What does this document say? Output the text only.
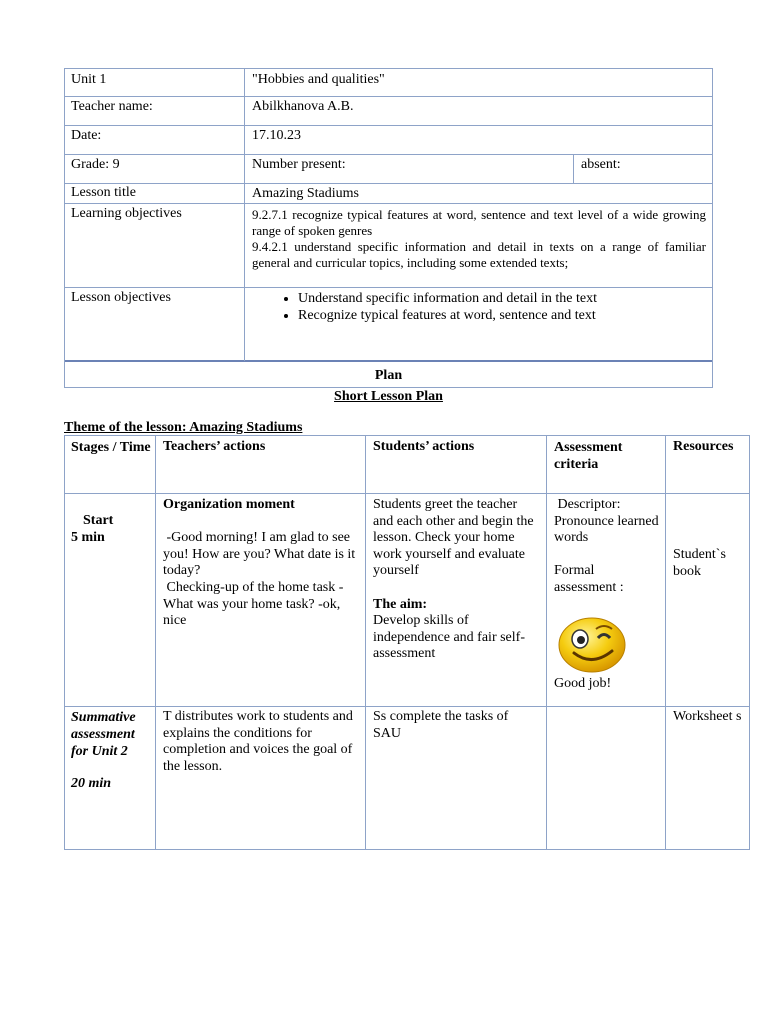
Unit 1	"Hobbies and qualities"
Teacher name:	Abilkhanova A.B.
Date:	17.10.23
Grade: 9	Number present:	absent:
Lesson title	Amazing Stadiums
Learning objectives	9.2.7.1 recognize typical features at word, sentence and text level of a wide growing range of spoken genres
9.4.2.1 understand specific information and detail in texts on a range of familiar general and curricular topics, including some extended texts;
Lesson objectives
•	Understand specific information and detail in the text
• Recognize typical features at word, sentence and text
Plan
Short Lesson Plan
Theme of the lesson: Amazing Stadiums
Stages / Time Teachers’ actions	Students’ actions	Assessment criteria
Resources
Start
5 min
Organization moment
-Good morning! I am glad to see you! How are you? What date is it today?
Checking-up of the home task -What was your home task? -ok, nice
Students greet the teacher and each other and begin the lesson. Check your home work yourself and evaluate yourself
The aim:
Develop skills of independence and fair self-assessment
Descriptor: Pronounce learned words
Formal assessment :
Good job!
Student`s book
Summative assessment for Unit 2
20 min
T distributes work to students and explains the conditions for completion and voices the goal of the lesson.
Ss complete the tasks of SAU
Worksheet s
